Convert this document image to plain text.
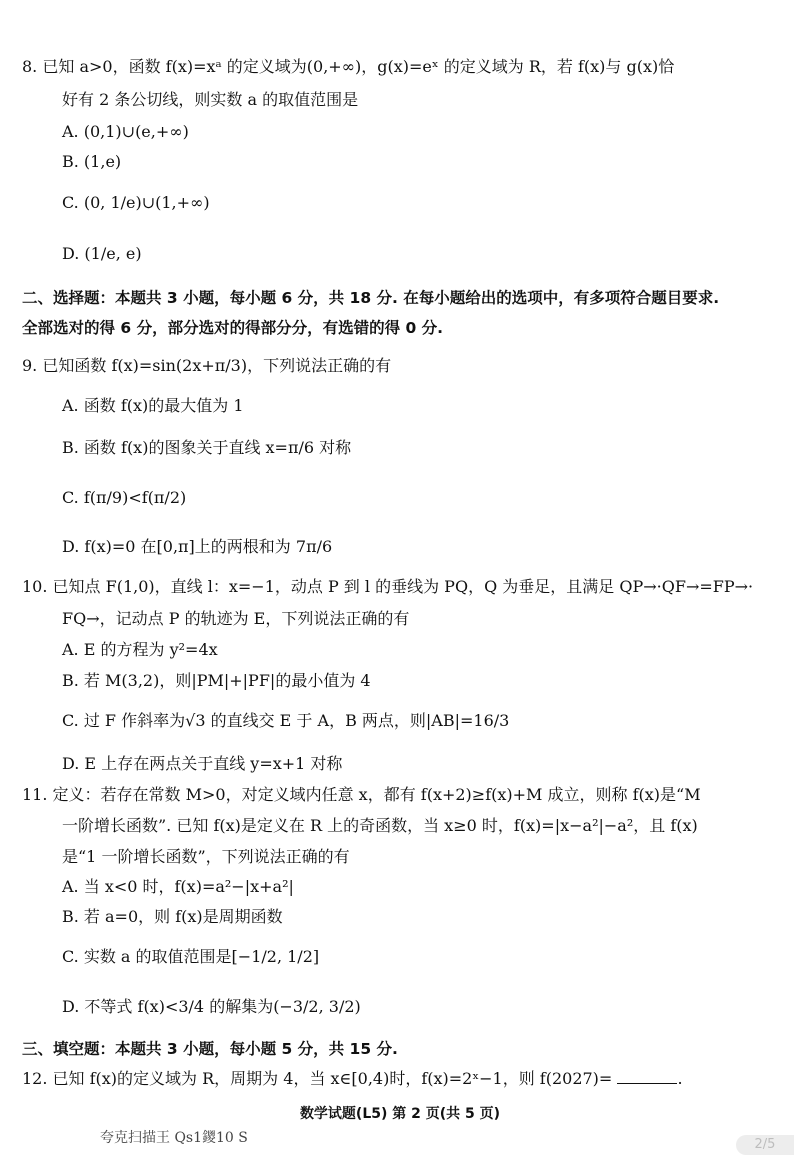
8. 已知 a>0，函数 f(x)=xᵃ 的定义域为(0,+∞)，g(x)=eˣ 的定义域为 R，若 f(x)与 g(x)恰
好有 2 条公切线，则实数 a 的取值范围是
A. (0,1)∪(e,+∞)
B. (1,e)
C. (0, 1/e)∪(1,+∞)
D. (1/e, e)
二、选择题：本题共 3 小题，每小题 6 分，共 18 分. 在每小题给出的选项中，有多项符合题目要求.
全部选对的得 6 分，部分选对的得部分分，有选错的得 0 分.
9. 已知函数 f(x)=sin(2x+π/3)，下列说法正确的有
A. 函数 f(x)的最大值为 1
B. 函数 f(x)的图象关于直线 x=π/6 对称
C. f(π/9)<f(π/2)
D. f(x)=0 在[0,π]上的两根和为 7π/6
10. 已知点 F(1,0)，直线 l：x=−1，动点 P 到 l 的垂线为 PQ，Q 为垂足，且满足 QP→·QF→=FP→·
FQ→，记动点 P 的轨迹为 E，下列说法正确的有
A. E 的方程为 y²=4x
B. 若 M(3,2)，则|PM|+|PF|的最小值为 4
C. 过 F 作斜率为√3 的直线交 E 于 A，B 两点，则|AB|=16/3
D. E 上存在两点关于直线 y=x+1 对称
11. 定义：若存在常数 M>0，对定义域内任意 x，都有 f(x+2)≥f(x)+M 成立，则称 f(x)是“M
一阶增长函数”. 已知 f(x)是定义在 R 上的奇函数，当 x≥0 时，f(x)=|x−a²|−a²，且 f(x)
是“1 一阶增长函数”，下列说法正确的有
A. 当 x<0 时，f(x)=a²−|x+a²|
B. 若 a=0，则 f(x)是周期函数
C. 实数 a 的取值范围是[−1/2, 1/2]
D. 不等式 f(x)<3/4 的解集为(−3/2, 3/2)
三、填空题：本题共 3 小题，每小题 5 分，共 15 分.
12. 已知 f(x)的定义域为 R，周期为 4，当 x∈[0,4)时，f(x)=2ˣ−1，则 f(2027)=	.
数学试题(L5) 第 2 页(共 5 页)
夸克扫描王 Qs1鑁10 S	2/5
